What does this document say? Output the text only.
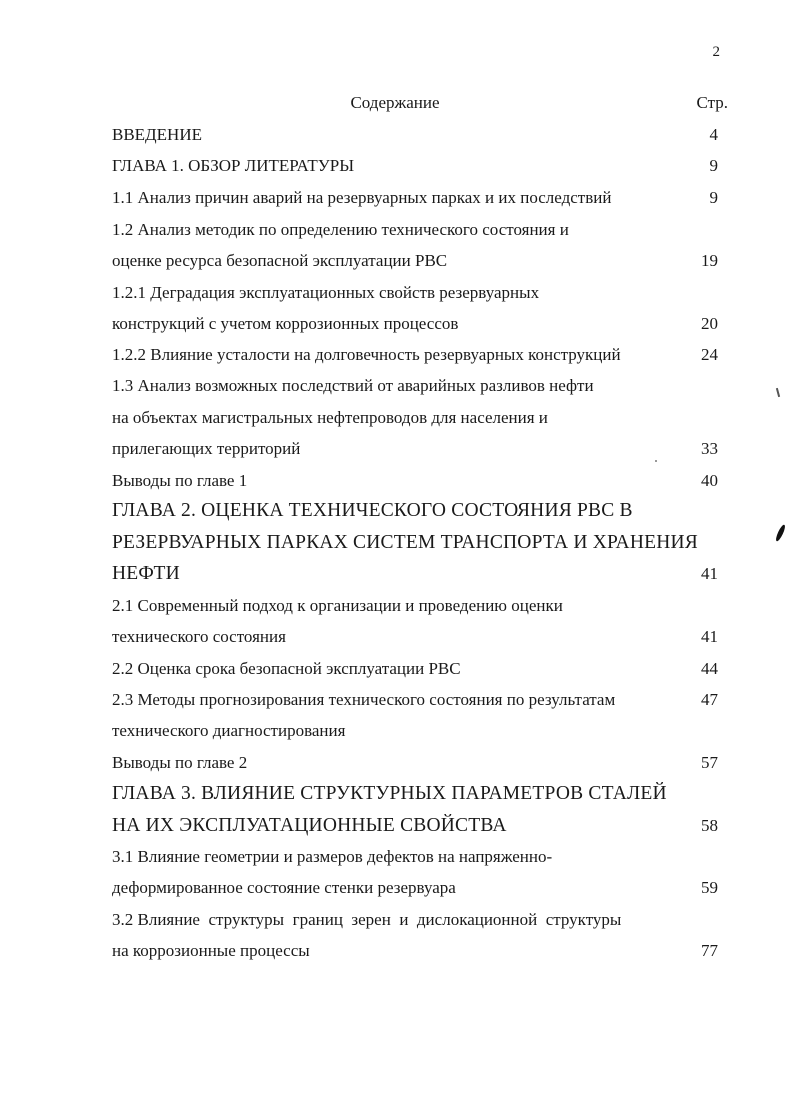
2
Содержание	Стр.
ВВЕДЕНИЕ	4
ГЛАВА 1. ОБЗОР ЛИТЕРАТУРЫ	9
1.1 Анализ причин аварий на резервуарных парках и их последствий	9
1.2 Анализ методик по определению технического состояния и
оценке ресурса безопасной эксплуатации РВС	19
1.2.1 Деградация эксплуатационных свойств резервуарных
конструкций с учетом коррозионных процессов	20
1.2.2 Влияние усталости на долговечность резервуарных конструкций	24
1.3 Анализ возможных последствий от аварийных разливов нефти
на объектах магистральных нефтепроводов для населения и
прилегающих территорий	33
Выводы по главе 1	40
ГЛАВА 2. ОЦЕНКА ТЕХНИЧЕСКОГО СОСТОЯНИЯ РВС В
РЕЗЕРВУАРНЫХ ПАРКАХ СИСТЕМ ТРАНСПОРТА И ХРАНЕНИЯ
НЕФТИ	41
2.1 Современный подход к организации и проведению оценки
технического состояния	41
2.2 Оценка срока безопасной эксплуатации РВС	44
2.3 Методы прогнозирования технического состояния по результатам	47
технического диагностирования
Выводы по главе 2	57
ГЛАВА 3. ВЛИЯНИЕ СТРУКТУРНЫХ ПАРАМЕТРОВ СТАЛЕЙ
НА ИХ ЭКСПЛУАТАЦИОННЫЕ СВОЙСТВА	58
3.1 Влияние геометрии и размеров дефектов на напряженно-
деформированное состояние стенки резервуара	59
3.2 Влияние  структуры  границ  зерен  и  дислокационной  структуры
на коррозионные процессы	77
